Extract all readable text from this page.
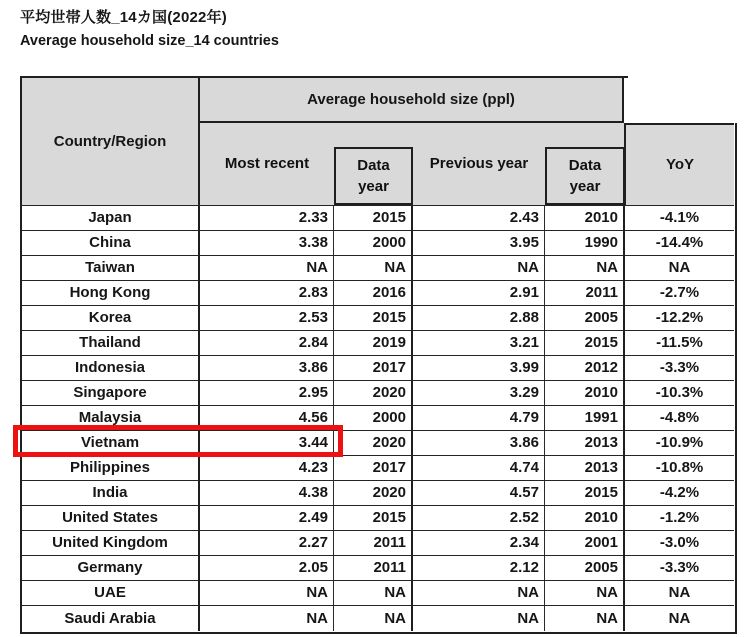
平均世帯人数_14カ国(2022年)
Average household size_14 countries
Country/Region
Average household size (ppl)
Most recent	Data year
Previous year	Data year
YoY
Japan	2.33	2015	2.43	2010	-4.1%
China	3.38	2000	3.95	1990	-14.4%
Taiwan	NA	NA	NA	NA	NA
Hong Kong	2.83	2016	2.91	2011	-2.7%
Korea	2.53	2015	2.88	2005	-12.2%
Thailand	2.84	2019	3.21	2015	-11.5%
Indonesia	3.86	2017	3.99	2012	-3.3%
Singapore	2.95	2020	3.29	2010	-10.3%
Malaysia	4.56	2000	4.79	1991	-4.8%
Vietnam	3.44	2020	3.86	2013	-10.9%
Philippines	4.23	2017	4.74	2013	-10.8%
India	4.38	2020	4.57	2015	-4.2%
United States	2.49	2015	2.52	2010	-1.2%
United Kingdom	2.27	2011	2.34	2001	-3.0%
Germany	2.05	2011	2.12	2005	-3.3%
UAE	NA	NA	NA	NA	NA
Saudi Arabia	NA	NA	NA	NA	NA
